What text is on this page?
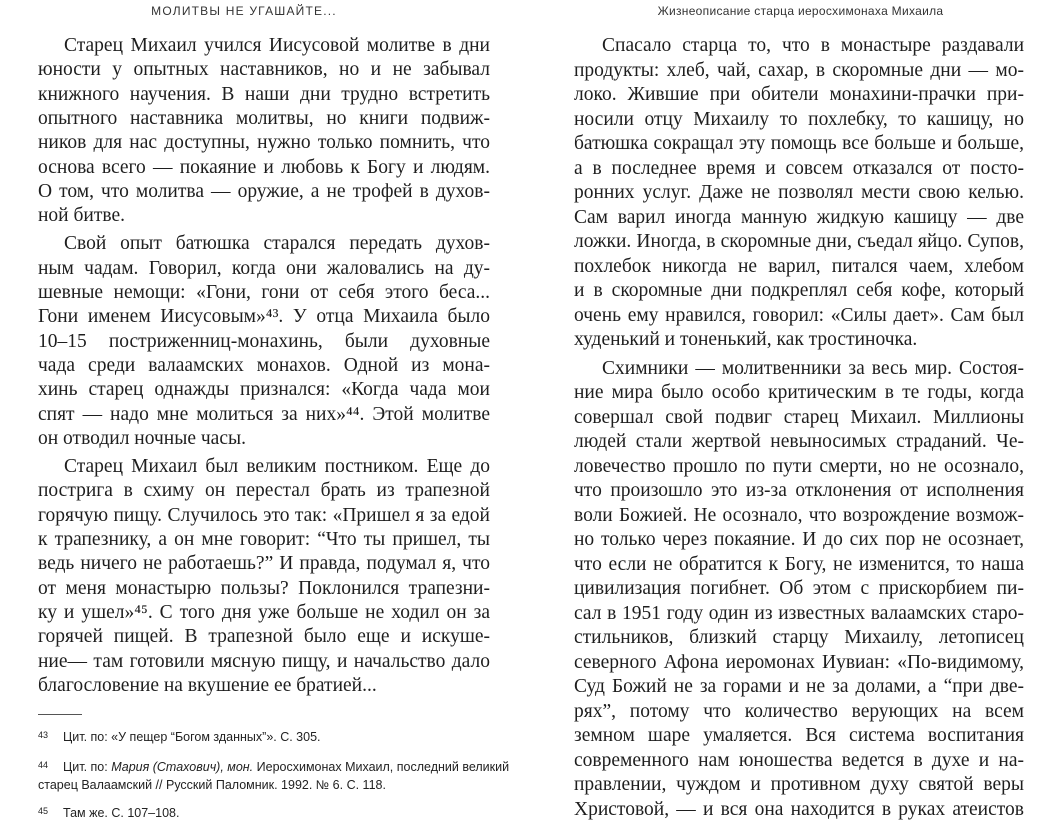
МОЛИТВЫ НЕ УГАШАЙТЕ...
Старец Михаил учился Иисусовой молитве в дни
юности у опытных наставников, но и не забывал
книжного научения. В наши дни трудно встретить
опытного наставника молитвы, но книги подвиж-
ников для нас доступны, нужно только помнить, что
основа всего — покаяние и любовь к Богу и людям.
О том, что молитва — оружие, а не трофей в духов-
ной битве.
Свой опыт батюшка старался передать духов-
ным чадам. Говорил, когда они жаловались на ду-
шевные немощи: «Гони, гони от себя этого беса...
Гони именем Иисусовым»⁴³. У отца Михаила было
10–15 постриженниц-монахинь, были духовные
чада среди валаамских монахов. Одной из мона-
хинь старец однажды признался: «Когда чада мои
спят — надо мне молиться за них»⁴⁴. Этой молитве
он отводил ночные часы.
Старец Михаил был великим постником. Еще до
пострига в схиму он перестал брать из трапезной
горячую пищу. Случилось это так: «Пришел я за едой
к трапезнику, а он мне говорит: “Что ты пришел, ты
ведь ничего не работаешь?” И правда, подумал я, что
от меня монастырю пользы? Поклонился трапезни-
ку и ушел»⁴⁵. С того дня уже больше не ходил он за
горячей пищей. В трапезной было еще и искуше-
ние— там готовили мясную пищу, и начальство дало
благословение на вкушение ее братией...
43 Цит. по: «У пещер “Богом зданных”». С. 305.
44 Цит. по: Мария (Стахович), мон. Иеросхимонах Михаил, последний великий
старец Валаамский // Русский Паломник. 1992. № 6. С. 118.
45 Там же. С. 107–108.
Жизнеописание старца иеросхимонаха Михаила
Спасало старца то, что в монастыре раздавали
продукты: хлеб, чай, сахар, в скоромные дни — мо-
локо. Жившие при обители монахини-прачки при-
носили отцу Михаилу то похлебку, то кашицу, но
батюшка сокращал эту помощь все больше и больше,
а в последнее время и совсем отказался от посто-
ронних услуг. Даже не позволял мести свою келью.
Сам варил иногда манную жидкую кашицу — две
ложки. Иногда, в скоромные дни, съедал яйцо. Супов,
похлебок никогда не варил, питался чаем, хлебом
и в скоромные дни подкреплял себя кофе, который
очень ему нравился, говорил: «Силы дает». Сам был
худенький и тоненький, как тростиночка.
Схимники — молитвенники за весь мир. Состоя-
ние мира было особо критическим в те годы, когда
совершал свой подвиг старец Михаил. Миллионы
людей стали жертвой невыносимых страданий. Че-
ловечество прошло по пути смерти, но не осознало,
что произошло это из-за отклонения от исполнения
воли Божией. Не осознало, что возрождение возмож-
но только через покаяние. И до сих пор не осознает,
что если не обратится к Богу, не изменится, то наша
цивилизация погибнет. Об этом с прискорбием пи-
сал в 1951 году один из известных валаамских старо-
стильников, близкий старцу Михаилу, летописец
северного Афона иеромонах Иувиан: «По-видимому,
Суд Божий не за горами и не за долами, а “при две-
рях”, потому что количество верующих на всем
земном шаре умаляется. Вся система воспитания
современного нам юношества ведется в духе и на-
правлении, чуждом и противном духу святой веры
Христовой, — и вся она находится в руках атеистов
